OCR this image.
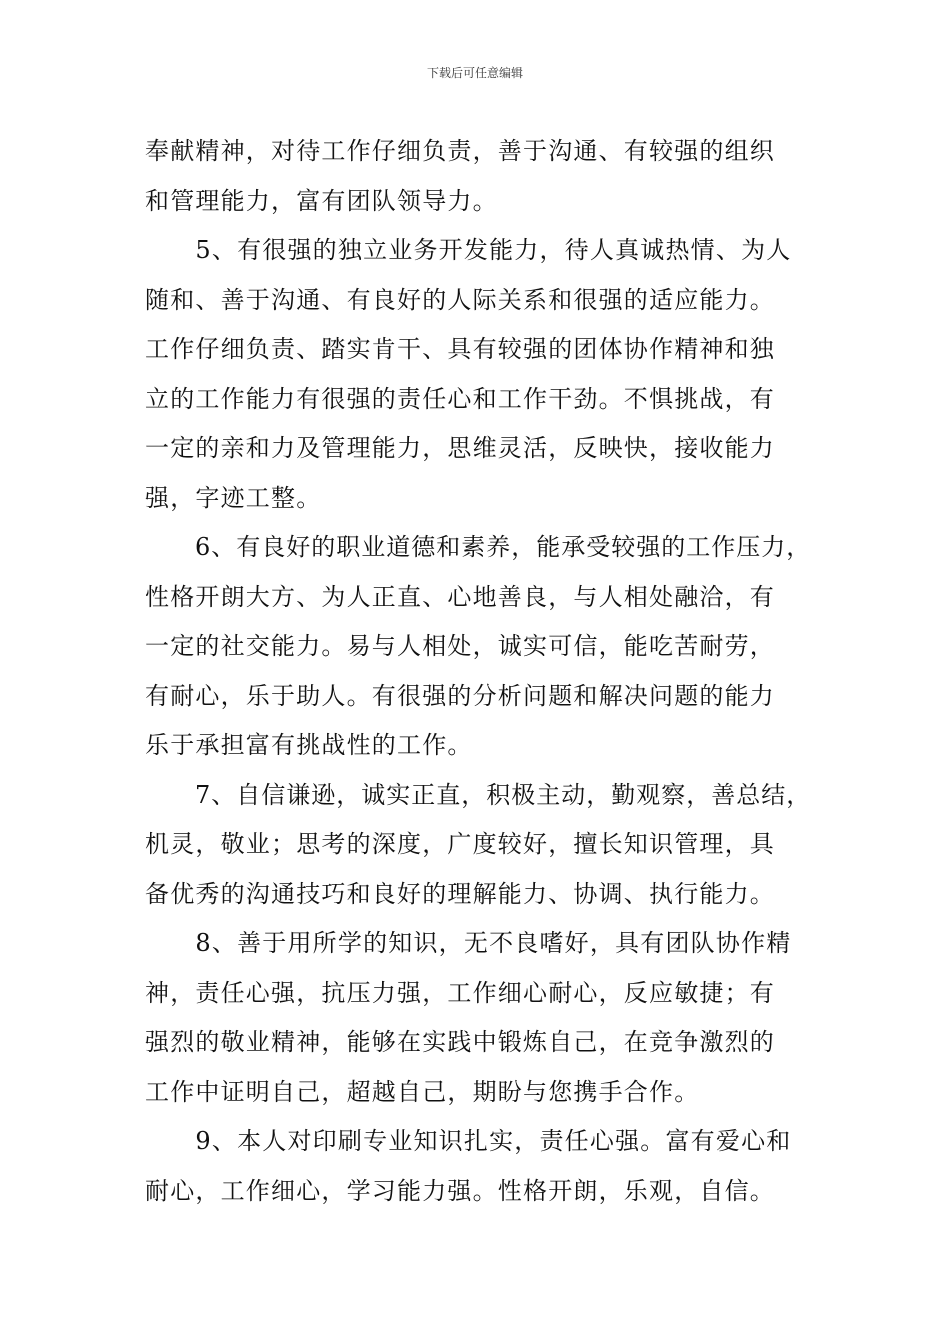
下载后可任意编辑
奉献精神，对待工作仔细负责，善于沟通、有较强的组织
和管理能力，富有团队领导力。
　　5、有很强的独立业务开发能力，待人真诚热情、为人
随和、善于沟通、有良好的人际关系和很强的适应能力。
工作仔细负责、踏实肯干、具有较强的团体协作精神和独
立的工作能力有很强的责任心和工作干劲。不惧挑战，有
一定的亲和力及管理能力，思维灵活，反映快，接收能力
强，字迹工整。
　　6、有良好的职业道德和素养，能承受较强的工作压力，
性格开朗大方、为人正直、心地善良，与人相处融洽，有
一定的社交能力。易与人相处，诚实可信，能吃苦耐劳，
有耐心，乐于助人。有很强的分析问题和解决问题的能力
乐于承担富有挑战性的工作。
　　7、自信谦逊，诚实正直，积极主动，勤观察，善总结，
机灵，敬业；思考的深度，广度较好，擅长知识管理，具
备优秀的沟通技巧和良好的理解能力、协调、执行能力。
　　8、善于用所学的知识，无不良嗜好，具有团队协作精
神，责任心强，抗压力强，工作细心耐心，反应敏捷；有
强烈的敬业精神，能够在实践中锻炼自己，在竞争激烈的
工作中证明自己，超越自己，期盼与您携手合作。
　　9、本人对印刷专业知识扎实，责任心强。富有爱心和
耐心，工作细心，学习能力强。性格开朗，乐观，自信。
